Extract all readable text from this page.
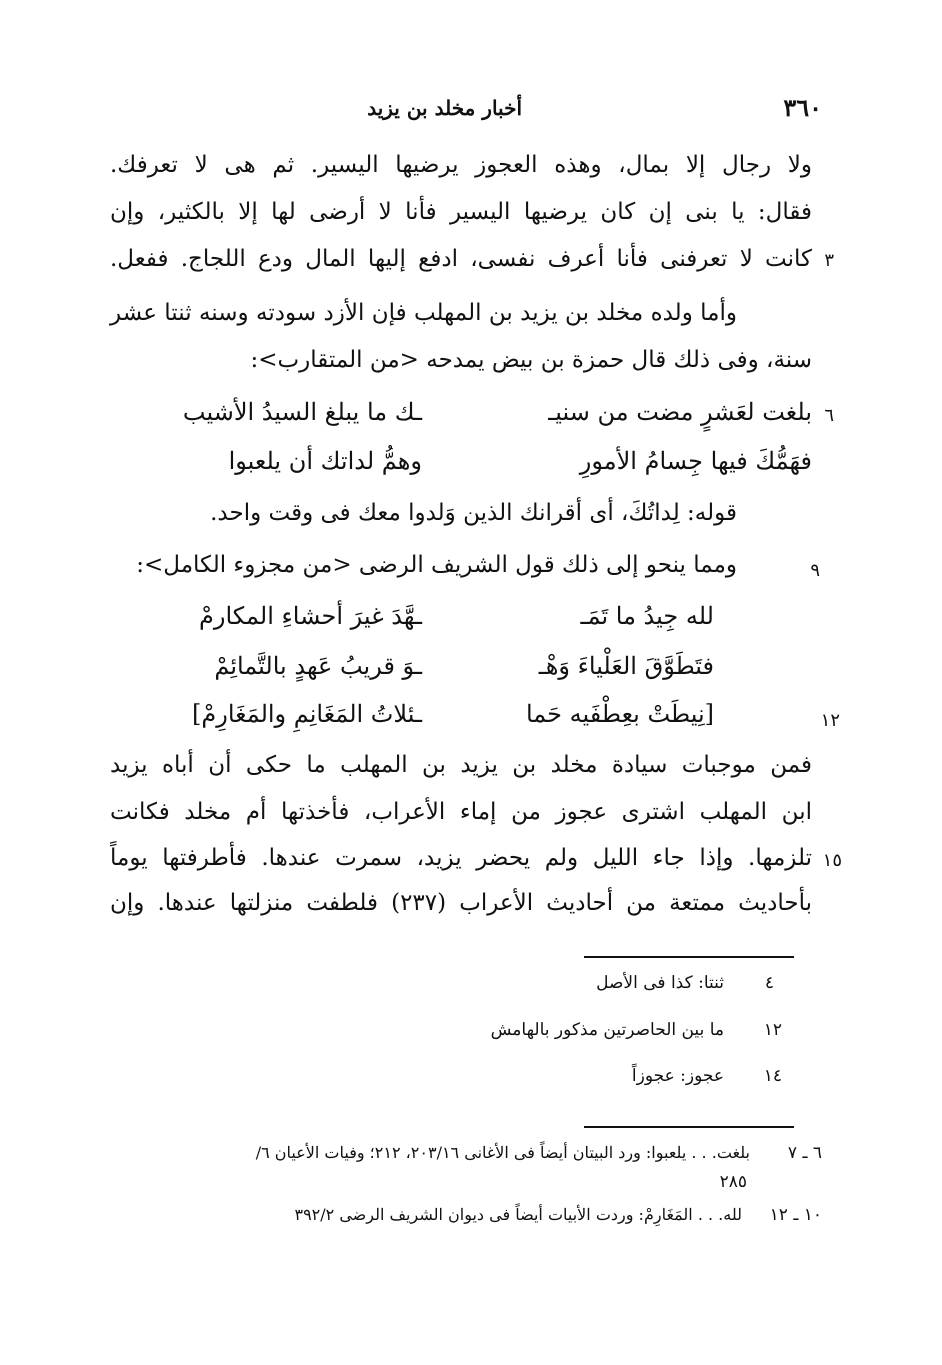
٣٦٠
أخبار مخلد بن يزيد
ولا رجال إلا بمال، وهذه العجوز يرضيها اليسير. ثم هى لا تعرفك.
فقال: يا بنى إن كان يرضيها اليسير فأنا لا أرضى لها إلا بالكثير، وإن
كانت لا تعرفنى فأنا أعرف نفسى، ادفع إليها المال ودع اللجاج. ففعل. ٣
وأما ولده مخلد بن يزيد بن المهلب فإن الأزد سودته وسنه ثنتا عشر
سنة، وفى ذلك قال حمزة بن بيض يمدحه <من المتقارب>:
٦
بلغت لعَشرٍ مضت من سنيـ
ـك ما يبلغ السيدُ الأشيب
فهَمُّكَ فيها جِسامُ الأمورِ
وهمُّ لداتك أن يلعبوا
قوله: لِداتُكَ، أى أقرانك الذين وَلدوا معك فى وقت واحد.
٩
ومما ينحو إلى ذلك قول الشريف الرضى <من مجزوء الكامل>:
لله جِيدُ ما تَمَـ
ـهَّدَ غيرَ أحشاءِ المكارمْ
فتَطَوَّقَ العَلْياءَ وَهْـ
ـوَ قريبُ عَهدٍ بالتَّمائِمْ
١٢
[نِيطَتْ بعِطْفَيه حَما
ـئلاتُ المَغَانِمِ والمَغَارِمْ]
فمن موجبات سيادة مخلد بن يزيد بن المهلب ما حكى أن أباه يزيد
ابن المهلب اشترى عجوز من إماء الأعراب، فأخذتها أم مخلد فكانت
تلزمها. وإذا جاء الليل ولم يحضر يزيد، سمرت عندها. فأطرفتها يوماً ١٥
بأحاديث ممتعة من أحاديث الأعراب (٢٣٧) فلطفت منزلتها عندها. وإن
٤
ثنتا: كذا فى الأصل
١٢
ما بين الحاصرتين مذكور بالهامش
١٤
عجوز: عجوزاً
٦ ـ ٧
بلغت. . . يلعبوا: ورد البيتان أيضاً فى الأغانى ٢٠٣/١٦، ٢١٢؛ وفيات الأعيان ٦/
٢٨٥
١٠ ـ ١٢
لله. . . المَغَارِمْ: وردت الأبيات أيضاً فى ديوان الشريف الرضى ٣٩٢/٢
